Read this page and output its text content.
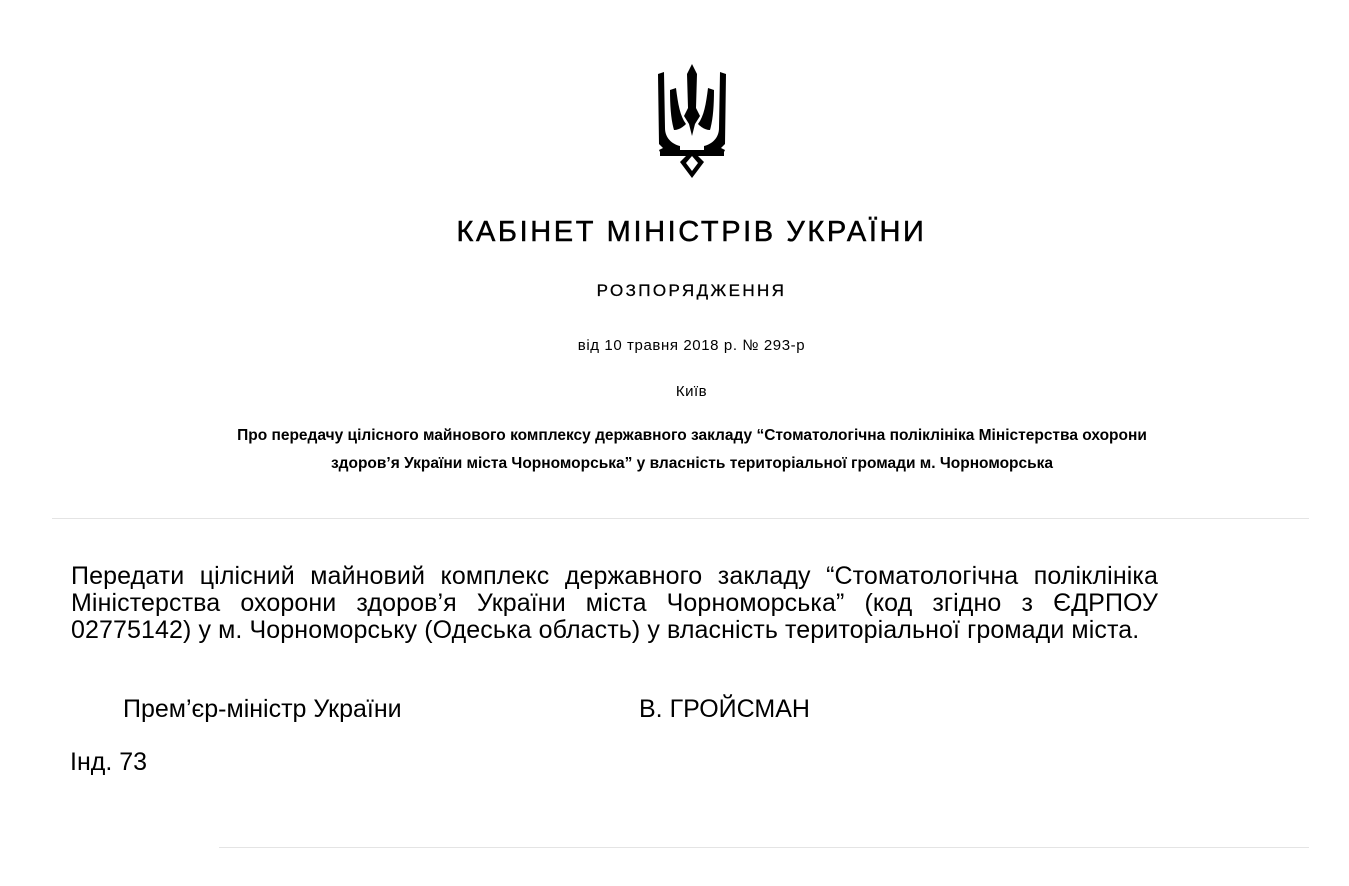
КАБІНЕТ МІНІСТРІВ УКРАЇНИ
РОЗПОРЯДЖЕННЯ
від 10 травня 2018 р. № 293-р
Київ
Про передачу цілісного майнового комплексу державного закладу “Стоматологічна поліклініка Міністерства охорони здоров’я України міста Чорноморська” у власність територіальної громади м. Чорноморська
Передати цілісний майновий комплекс державного закладу “Стоматологічна поліклініка Міністерства охорони здоров’я України міста Чорноморська” (код згідно з ЄДРПОУ 02775142) у м. Чорноморську (Одеська область) у власність територіальної громади міста.
Прем’єр-міністр України	В. ГРОЙСМАН
Інд. 73
